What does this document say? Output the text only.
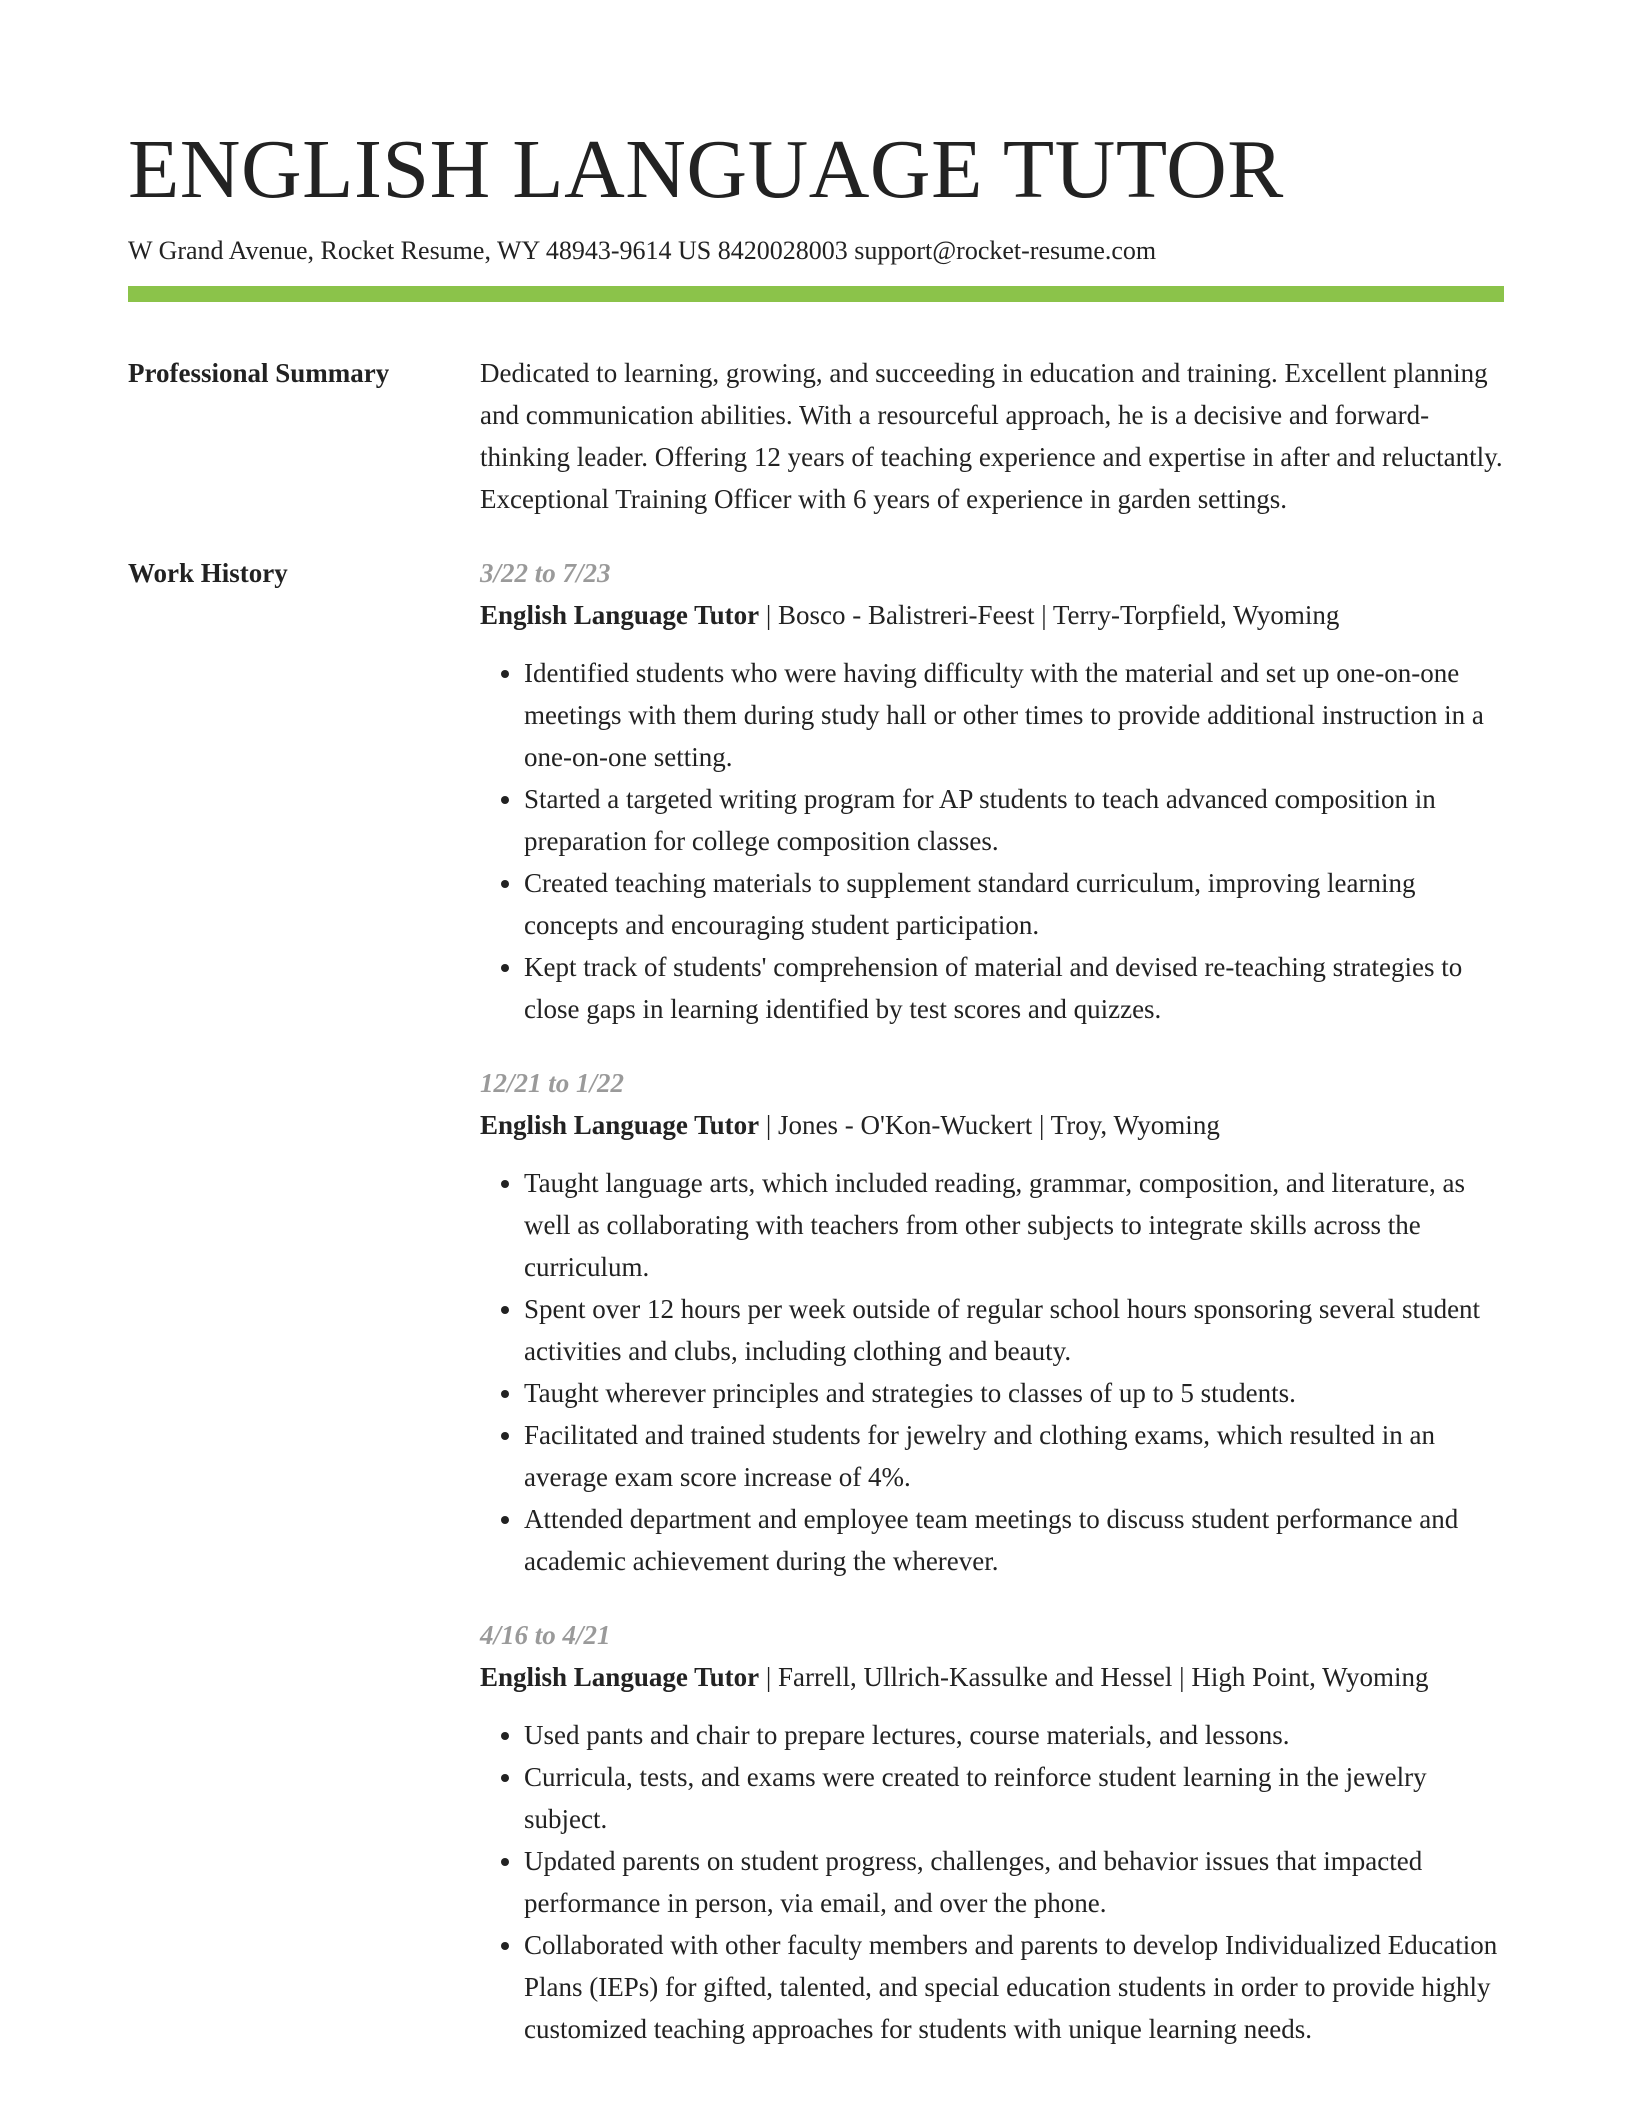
ENGLISH LANGUAGE TUTOR
W Grand Avenue, Rocket Resume, WY 48943-9614 US 8420028003 support@rocket-resume.com
Professional Summary	Dedicated to learning, growing, and succeeding in education and training. Excellent planning and communication abilities. With a resourceful approach, he is a decisive and forward-thinking leader. Offering 12 years of teaching experience and expertise in after and reluctantly. Exceptional Training Officer with 6 years of experience in garden settings.
Work History	3/22 to 7/23
English Language Tutor | Bosco - Balistreri-Feest | Terry-Torpfield, Wyoming
• Identified students who were having difficulty with the material and set up one-on-one meetings with them during study hall or other times to provide additional instruction in a one-on-one setting.
• Started a targeted writing program for AP students to teach advanced composition in preparation for college composition classes.
• Created teaching materials to supplement standard curriculum, improving learning concepts and encouraging student participation.
• Kept track of students' comprehension of material and devised re-teaching strategies to close gaps in learning identified by test scores and quizzes.
12/21 to 1/22
English Language Tutor | Jones - O'Kon-Wuckert | Troy, Wyoming
• Taught language arts, which included reading, grammar, composition, and literature, as well as collaborating with teachers from other subjects to integrate skills across the curriculum.
• Spent over 12 hours per week outside of regular school hours sponsoring several student activities and clubs, including clothing and beauty.
• Taught wherever principles and strategies to classes of up to 5 students.
• Facilitated and trained students for jewelry and clothing exams, which resulted in an average exam score increase of 4%.
• Attended department and employee team meetings to discuss student performance and academic achievement during the wherever.
4/16 to 4/21
English Language Tutor | Farrell, Ullrich-Kassulke and Hessel | High Point, Wyoming
• Used pants and chair to prepare lectures, course materials, and lessons.
• Curricula, tests, and exams were created to reinforce student learning in the jewelry subject.
• Updated parents on student progress, challenges, and behavior issues that impacted performance in person, via email, and over the phone.
• Collaborated with other faculty members and parents to develop Individualized Education Plans (IEPs) for gifted, talented, and special education students in order to provide highly customized teaching approaches for students with unique learning needs.
